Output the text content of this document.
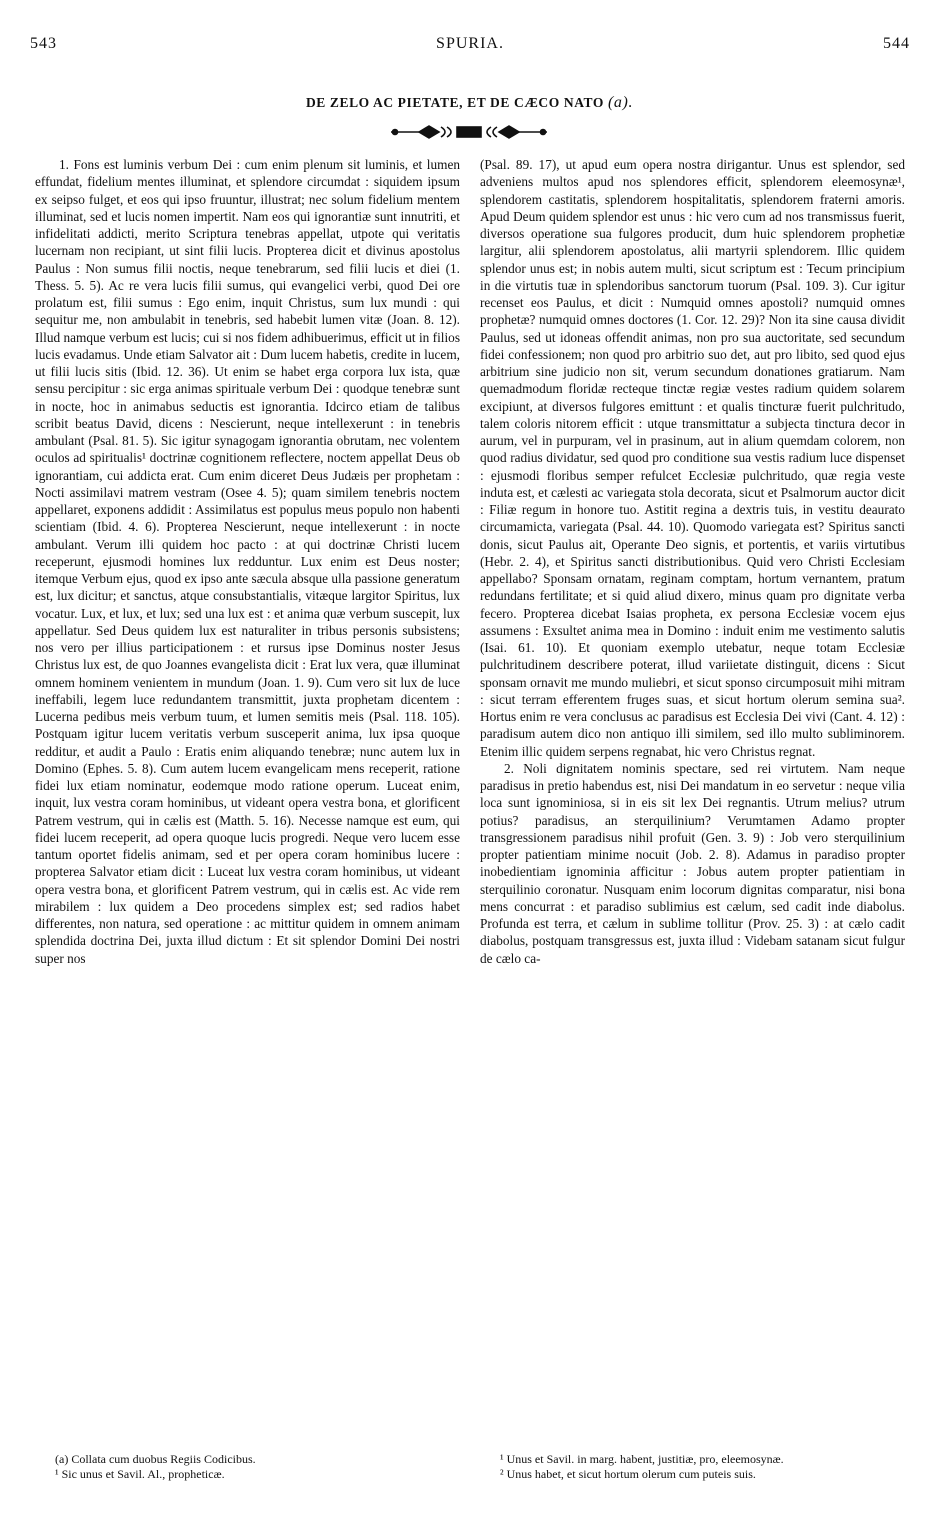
543	SPURIA.	544
DE ZELO AC PIETATE, ET DE CÆCO NATO (a).

1. Fons est luminis verbum Dei : cum enim plenum sit luminis, et lumen effundat, fidelium mentes illuminat, et splendore circumdat : siquidem ipsum ex seipso fulget, et eos qui ipso fruuntur, illustrat; nec solum fidelium mentem illuminat, sed et lucis nomen impertit. Nam eos qui ignorantiæ sunt innutriti, et infidelitati addicti, merito Scriptura tenebras appellat, utpote qui veritatis lucernam non recipiant, ut sint filii lucis. Propterea dicit et divinus apostolus Paulus : Non sumus filii noctis, neque tenebrarum, sed filii lucis et diei (1. Thess. 5. 5). Ac re vera lucis filii sumus, qui evangelici verbi, quod Dei ore prolatum est, filii sumus : Ego enim, inquit Christus, sum lux mundi : qui sequitur me, non ambulabit in tenebris, sed habebit lumen vitæ (Joan. 8. 12). Illud namque verbum est lucis; cui si nos fidem adhibuerimus, efficit ut in filios lucis evadamus. Unde etiam Salvator ait : Dum lucem habetis, credite in lucem, ut filii lucis sitis (Ibid. 12. 36). Ut enim se habet erga corpora lux ista, quæ sensu percipitur : sic erga animas spirituale verbum Dei : quodque tenebræ sunt in nocte, hoc in animabus seductis est ignorantia. Idcirco etiam de talibus scribit beatus David, dicens : Nescierunt, neque intellexerunt : in tenebris ambulant (Psal. 81. 5). Sic igitur synagogam ignorantia obrutam, nec volentem oculos ad spiritualis¹ doctrinæ cognitionem reflectere, noctem appellat Deus ob ignorantiam, cui addicta erat. Cum enim diceret Deus Judæis per prophetam : Nocti assimilavi matrem vestram (Osee 4. 5); quam similem tenebris noctem appellaret, exponens addidit : Assimilatus est populus meus populo non habenti scientiam (Ibid. 4. 6). Propterea Nescierunt, neque intellexerunt : in nocte ambulant. Verum illi quidem hoc pacto : at qui doctrinæ Christi lucem receperunt, ejusmodi homines lux redduntur. Lux enim est Deus noster; itemque Verbum ejus, quod ex ipso ante sæcula absque ulla passione generatum est, lux dicitur; et sanctus, atque consubstantialis, vitæque largitor Spiritus, lux vocatur. Lux, et lux, et lux; sed una lux est : et anima quæ verbum suscepit, lux appellatur. Sed Deus quidem lux est naturaliter in tribus personis subsistens; nos vero per illius participationem : et rursus ipse Dominus noster Jesus Christus lux est, de quo Joannes evangelista dicit : Erat lux vera, quæ illuminat omnem hominem venientem in mundum (Joan. 1. 9). Cum vero sit lux de luce ineffabili, legem luce redundantem transmittit, juxta prophetam dicentem : Lucerna pedibus meis verbum tuum, et lumen semitis meis (Psal. 118. 105). Postquam igitur lucem veritatis verbum susceperit anima, lux ipsa quoque redditur, et audit a Paulo : Eratis enim aliquando tenebræ; nunc autem lux in Domino (Ephes. 5. 8). Cum autem lucem evangelicam mens receperit, ratione fidei lux etiam nominatur, eodemque modo ratione operum. Luceat enim, inquit, lux vestra coram hominibus, ut videant opera vestra bona, et glorificent Patrem vestrum, qui in cælis est (Matth. 5. 16). Necesse namque est eum, qui fidei lucem receperit, ad opera quoque lucis progredi. Neque vero lucem esse tantum oportet fidelis animam, sed et per opera coram hominibus lucere : propterea Salvator etiam dicit : Luceat lux vestra coram hominibus, ut videant opera vestra bona, et glorificent Patrem vestrum, qui in cælis est. Ac vide rem mirabilem : lux quidem a Deo procedens simplex est; sed radios habet differentes, non natura, sed operatione : ac mittitur quidem in omnem animam splendida doctrina Dei, juxta illud dictum : Et sit splendor Domini Dei nostri super nos

(Psal. 89. 17), ut apud eum opera nostra dirigantur. Unus est splendor, sed adveniens multos apud nos splendores efficit, splendorem eleemosynæ¹, splendorem castitatis, splendorem hospitalitatis, splendorem fraterni amoris. Apud Deum quidem splendor est unus : hic vero cum ad nos transmissus fuerit, diversos operatione sua fulgores producit, dum huic splendorem prophetiæ largitur, alii splendorem apostolatus, alii martyrii splendorem. Illic quidem splendor unus est; in nobis autem multi, sicut scriptum est : Tecum principium in die virtutis tuæ in splendoribus sanctorum tuorum (Psal. 109. 3). Cur igitur recenset eos Paulus, et dicit : Numquid omnes apostoli? numquid omnes prophetæ? numquid omnes doctores (1. Cor. 12. 29)? Non ita sine causa dividit Paulus, sed ut idoneas offendit animas, non pro sua auctoritate, sed secundum fidei confessionem; non quod pro arbitrio suo det, aut pro libito, sed quod ejus arbitrium sine judicio non sit, verum secundum donationes gratiarum. Nam quemadmodum floridæ recteque tinctæ regiæ vestes radium quidem solarem excipiunt, at diversos fulgores emittunt : et qualis tincturæ fuerit pulchritudo, talem coloris nitorem efficit : utque transmittatur a subjecta tinctura decor in aurum, vel in purpuram, vel in prasinum, aut in alium quemdam colorem, non quod radius dividatur, sed quod pro conditione sua vestis radium luce dispenset : ejusmodi floribus semper refulcet Ecclesiæ pulchritudo, quæ regia veste induta est, et cælesti ac variegata stola decorata, sicut et Psalmorum auctor dicit : Filiæ regum in honore tuo. Astitit regina a dextris tuis, in vestitu deaurato circumamicta, variegata (Psal. 44. 10). Quomodo variegata est? Spiritus sancti donis, sicut Paulus ait, Operante Deo signis, et portentis, et variis virtutibus (Hebr. 2. 4), et Spiritus sancti distributionibus. Quid vero Christi Ecclesiam appellabo? Sponsam ornatam, reginam comptam, hortum vernantem, pratum redundans fertilitate; et si quid aliud dixero, minus quam pro dignitate verba fecero. Propterea dicebat Isaias propheta, ex persona Ecclesiæ vocem ejus assumens : Exsultet anima mea in Domino : induit enim me vestimento salutis (Isai. 61. 10). Et quoniam exemplo utebatur, neque totam Ecclesiæ pulchritudinem describere poterat, illud variietate distinguit, dicens : Sicut sponsam ornavit me mundo muliebri, et sicut sponso circumposuit mihi mitram : sicut terram efferentem fruges suas, et sicut hortum olerum semina sua². Hortus enim re vera conclusus ac paradisus est Ecclesia Dei vivi (Cant. 4. 12) : paradisum autem dico non antiquo illi similem, sed illo multo subliminorem. Etenim illic quidem serpens regnabat, hic vero Christus regnat.

2. Noli dignitatem nominis spectare, sed rei virtutem. Nam neque paradisus in pretio habendus est, nisi Dei mandatum in eo servetur : neque vilia loca sunt ignominiosa, si in eis sit lex Dei regnantis. Utrum melius? utrum potius? paradisus, an sterquilinium? Verumtamen Adamo propter transgressionem paradisus nihil profuit (Gen. 3. 9) : Job vero sterquilinium propter patientiam minime nocuit (Job. 2. 8). Adamus in paradiso propter inobedientiam ignominia afficitur : Jobus autem propter patientiam in sterquilinio coronatur. Nusquam enim locorum dignitas comparatur, nisi bona mens concurrat : et paradiso sublimius est cælum, sed cadit inde diabolus. Profunda est terra, et cælum in sublime tollitur (Prov. 25. 3) : at cælo cadit diabolus, postquam transgressus est, juxta illud : Videbam satanam sicut fulgur de cælo ca-

(a) Collata cum duobus Regiis Codicibus.
¹ Sic unus et Savil. Al., propheticæ.
¹ Unus et Savil. in marg. habent, justitiæ, pro, eleemosynæ.
² Unus habet, et sicut hortum olerum cum puteis suis.
